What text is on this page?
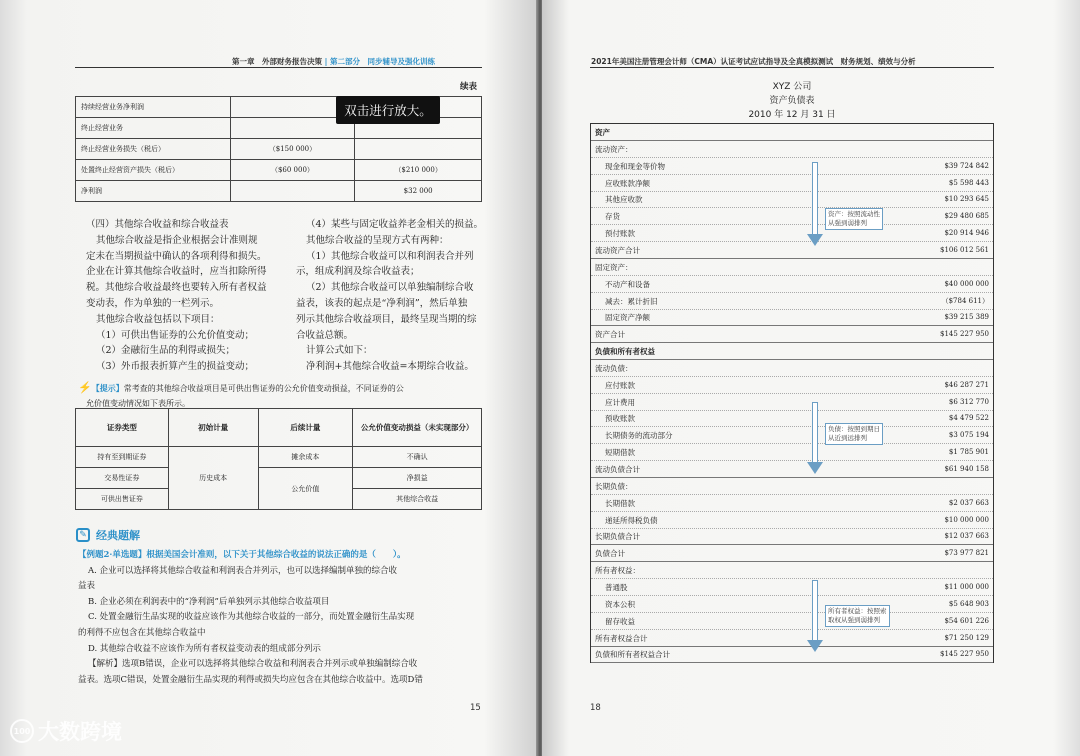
第一章　外部财务报告决策 | 第二部分　同步辅导及强化训练
续表
持续经营业务净利润		
终止经营业务		
终止经营业务损失（税后）	（$150 000）	
处置终止经营资产损失（税后）	（$60 000）	（$210 000）
净利润		$32 000
双击进行放大。

（四）其他综合收益和综合收益表

其他综合收益是指企业根据会计准则规

定未在当期损益中确认的各项利得和损失。

企业在计算其他综合收益时，应当扣除所得

税。其他综合收益最终也要转入所有者权益

变动表，作为单独的一栏列示。

其他综合收益包括以下项目：

（1）可供出售证券的公允价值变动；

（2）金融衍生品的利得或损失；

（3）外币报表折算产生的损益变动；

（4）某些与固定收益养老金相关的损益。

其他综合收益的呈现方式有两种：

（1）其他综合收益可以和利润表合并列

示，组成利润及综合收益表；

（2）其他综合收益可以单独编制综合收

益表，该表的起点是“净利润”，然后单独

列示其他综合收益项目，最终呈现当期的综

合收益总额。

计算公式如下：

净利润+其他综合收益=本期综合收益。

⚡【提示】常考查的其他综合收益项目是可供出售证券的公允价值变动损益，不同证券的公

允价值变动情况如下表所示。

证券类型	初始计量	后续计量	公允价值变动损益（未实现部分）
持有至到期证券	历史成本	摊余成本	不确认
交易性证券		公允价值	净损益
可供出售证券			其他综合收益
✎ 经典题解

【例题2·单选题】根据美国会计准则，以下关于其他综合收益的说法正确的是（　　）。

A. 企业可以选择将其他综合收益和利润表合并列示，也可以选择编制单独的综合收

益表

B. 企业必须在利润表中的“净利润”后单独列示其他综合收益项目

C. 处置金融衍生品实现的收益应该作为其他综合收益的一部分，而处置金融衍生品实现

的利得不应包含在其他综合收益中

D. 其他综合收益不应该作为所有者权益变动表的组成部分列示

【解析】选项B错误，企业可以选择将其他综合收益和利润表合并列示或单独编制综合收

益表。选项C错误，处置金融衍生品实现的利得或损失均应包含在其他综合收益中。选项D错

15
2021年美国注册管理会计师（CMA）认证考试应试指导及全真模拟测试　财务规划、绩效与分析

XYZ 公司

资产负债表

2010 年 12 月 31 日

18
资产
流动资产：
现金和现金等价物	$39 724 842
应收账款净额	$5 598 443
其他应收款	$10 293 645
存货	$29 480 685
预付账款	$20 914 946
流动资产合计	$106 012 561
固定资产：
不动产和设备	$40 000 000
减去：累计折旧	（$784 611）
固定资产净额	$39 215 389
资产合计	$145 227 950
负债和所有者权益
流动负债：
应付账款	$46 287 271
应计费用	$6 312 770
预收账款	$4 479 522
长期债务的流动部分	$3 075 194
短期借款	$1 785 901
流动负债合计	$61 940 158
长期负债：
长期借款	$2 037 663
递延所得税负债	$10 000 000
长期负债合计	$12 037 663
负债合计	$73 977 821
所有者权益：
普通股	$11 000 000
资本公积	$5 648 903
留存收益	$54 601 226
所有者权益合计	$71 250 129
负债和所有者权益合计	$145 227 950

资产：按照流动性

从强到弱排列

负债：按照到期日

从近到远排列

所有者权益：按照索

取权从强到弱排列

100 大数跨境
